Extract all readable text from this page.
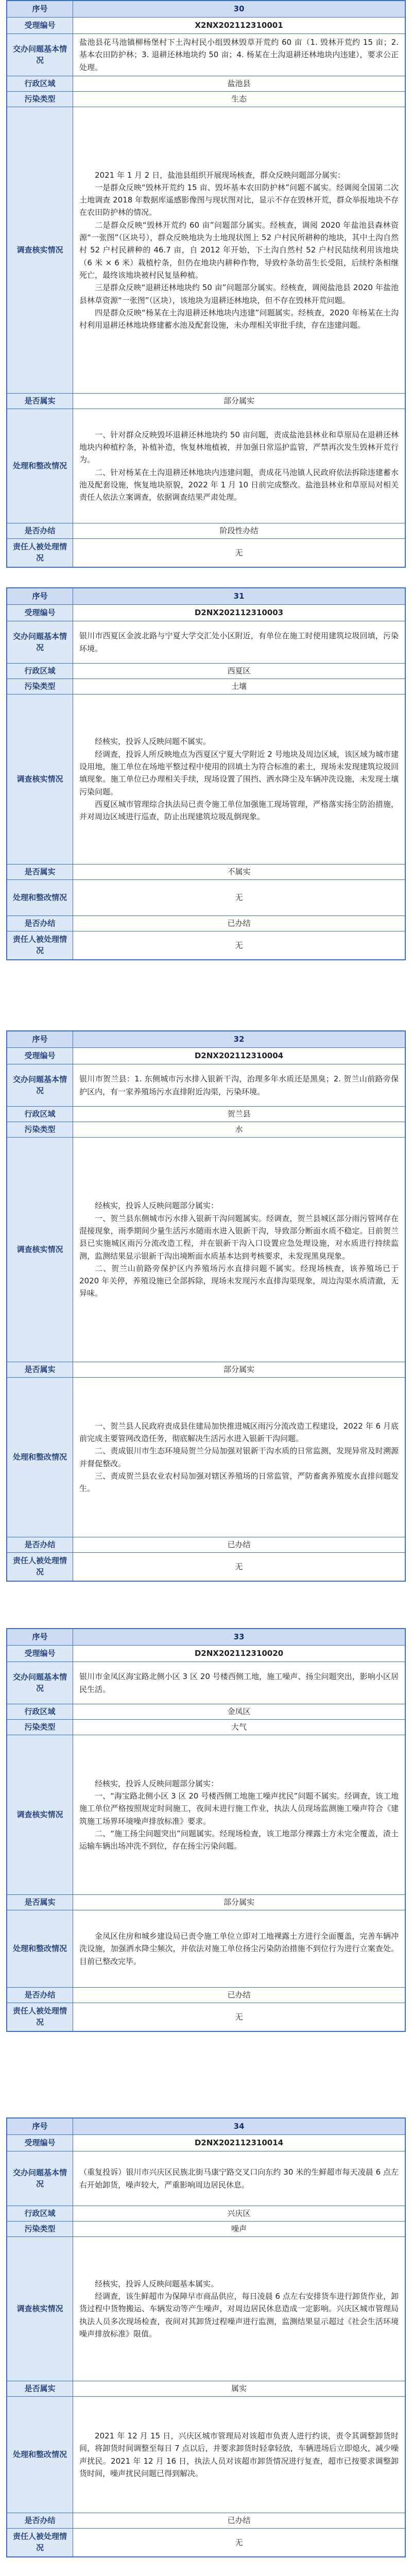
序号	30
受理编号	X2NX202112310001
交办问题基本情况
盐池县花马池镇柳杨堡村下土沟村民小组毁林毁草开荒约 60 亩（1. 毁林开荒约 15 亩；2. 基本农田防护林；3. 退耕还林地块约 50 亩；4. 杨某在土沟退耕还林地块内违建），要求公正处理。
行政区域	盐池县
污染类型	生态
调查核实情况
2021 年 1 月 2 日，盐池县组织开展现场核查，群众反映问题部分属实：
一是群众反映“毁林开荒约 15 亩、毁坏基本农田防护林”问题不属实。经调阅全国第二次土地调查 2018 年数据库遥感影像图与现状图对比，显示不存在毁林开荒，群众举报地块不存在农田防护林的情况。
二是群众反映“毁林开荒约 60 亩”问题部分属实。经核查，调阅 2020 年盐池县森林资源“一张图”（区块号），群众反映地块为土地现状图上 52 户村民所耕种的地块，其中土沟自然村 52 户村民耕种的 46.7 亩，自 2012 年开始，下土沟自然村 52 户村民陆续利用该地块（6 米 × 6 米）栽植柠条，但仍在地块内耕种作物，导致柠条幼苗生长受阻，后续柠条相继死亡，最终该地块被村民复垦种植。
三是群众反映“退耕还林地块约 50 亩”问题部分属实。经核查，调阅盐池县 2020 年盐池县林草资源“一张图”（区块），该地块为退耕还林地块，但不存在毁林开荒问题。
四是群众反映“杨某在土沟退耕还林地块内违建”问题属实。经核查，2020 年杨某在土沟村利用退耕还林地块修建蓄水池及配套设施，未办理相关审批手续，存在违建问题。
是否属实	部分属实
处理和整改情况
一、针对群众反映毁坏退耕还林地块约 50 亩问题，责成盐池县林业和草原局在退耕还林地块内种植柠条，补植补造，恢复林地植被，并加强日常巡护监管，严禁再次发生毁林开荒行为。
二、针对杨某在土沟退耕还林地块内违建问题，责成花马池镇人民政府依法拆除违建蓄水池及配套设施，恢复地块原貌，2022 年 1 月 10 日前完成整改。盐池县林业和草原局对相关责任人依法立案调查，依据调查结果严肃处理。
是否办结	阶段性办结
责任人被处理情况
无
序号	31
受理编号	D2NX202112310003
交办问题基本情况
银川市西夏区金波北路与宁夏大学交汇处小区附近，有单位在施工时使用建筑垃圾回填，污染环境。
行政区域	西夏区
污染类型	土壤
调查核实情况
经核实，投诉人反映问题不属实。
经调查，投诉人所反映地点为西夏区宁夏大学附近 2 号地块及周边区域，该区域为城市建设用地，施工单位在场地平整过程中使用的回填土为符合标准的素土，现场未发现建筑垃圾回填现象。施工单位已办理相关手续，现场设置了围挡、洒水降尘及车辆冲洗设施，未发现土壤污染问题。
西夏区城市管理综合执法局已责令施工单位加强施工现场管理，严格落实扬尘防治措施，并对周边区域进行巡查，防止出现建筑垃圾乱倒现象。
是否属实	不属实
处理和整改情况	无
是否办结	已办结
责任人被处理情况
无
序号	32
受理编号	D2NX202112310004
交办问题基本情况
银川市贺兰县：1. 东侧城市污水排入银新干沟，治理多年水质还是黑臭；2. 贺兰山前路旁保护区内，有一家养殖场污水直排附近沟渠，污染环境。
行政区域	贺兰县
污染类型	水
调查核实情况
经核实，投诉人反映问题部分属实：
一、贺兰县东侧城市污水排入银新干沟问题属实。经调查，贺兰县城区部分雨污管网存在混接现象，雨季期间少量生活污水随雨水进入银新干沟，导致部分断面水质不稳定。目前贺兰县已实施城区雨污分流改造工程，并在银新干沟入口设置应急处理设施，对水质进行持续监测，监测结果显示银新干沟出境断面水质基本达到考核要求，未发现黑臭现象。
二、贺兰山前路旁保护区内养殖场污水直排问题不属实。经现场核查，该养殖场已于 2020 年关停，养殖设施已全部拆除，现场未发现污水直排沟渠现象，周边沟渠水质清澈，无异味。
是否属实	部分属实
处理和整改情况
一、贺兰县人民政府责成县住建局加快推进城区雨污分流改造工程建设，2022 年 6 月底前完成主要管网改造任务，彻底解决生活污水进入银新干沟问题。
二、责成银川市生态环境局贺兰分局加强对银新干沟水质的日常监测，发现异常及时溯源并督促整改。
三、责成贺兰县农业农村局加强对辖区养殖场的日常监管，严防畜禽养殖废水直排问题发生。
是否办结	已办结
责任人被处理情况
无
序号	33
受理编号	D2NX202112310020
交办问题基本情况
银川市金凤区海宝路北侧小区 3 区 20 号楼西侧工地，施工噪声、扬尘问题突出，影响小区居民生活。
行政区域	金凤区
污染类型	大气
调查核实情况
经核实，投诉人反映问题部分属实：
一、“海宝路北侧小区 3 区 20 号楼西侧工地施工噪声扰民”问题不属实。经调查，该工地施工单位严格按照规定时间施工，夜间未进行施工作业，执法人员现场监测施工噪声符合《建筑施工场界环境噪声排放标准》要求。
二、“施工扬尘问题突出”问题属实。经现场检查，该工地部分裸露土方未完全覆盖，渣土运输车辆出场冲洗不到位，存在扬尘污染问题。
是否属实	部分属实
处理和整改情况
金凤区住房和城乡建设局已责令施工单位立即对工地裸露土方进行全面覆盖，完善车辆冲洗设施，加强洒水降尘频次，并依法对施工单位扬尘污染防治措施不到位行为进行立案查处。目前已整改完毕。
是否办结	已办结
责任人被处理情况
无
序号	34
受理编号	D2NX202112310014
交办问题基本情况
（重复投诉）银川市兴庆区民族北街马康宁路交叉口向东约 30 米的生鲜超市每天凌晨 6 点左右开始卸货，噪声较大，严重影响周边居民休息。
行政区域	兴庆区
污染类型	噪声
调查核实情况
经核实，投诉人反映问题基本属实。
经调查，该生鲜超市为保障早市商品供应，每日凌晨 6 点左右安排货车进行卸货作业，卸货过程中货物搬运、车辆发动等产生噪声，对周边居民休息造成一定影响。兴庆区城市管理局执法人员多次现场检查，夜间对其卸货过程噪声进行监测，监测结果显示超过《社会生活环境噪声排放标准》限值。
是否属实	属实
处理和整改情况
2021 年 12 月 15 日，兴庆区城市管理局对该超市负责人进行约谈，责令其调整卸货时间，将卸货时间调整至每日 7 点以后，并要求卸货时轻拿轻放，车辆进场后立即熄火，减少噪声扰民。2021 年 12 月 16 日，执法人员对该超市卸货情况进行复查，超市已按要求调整卸货时间，噪声扰民问题已得到解决。
是否办结	已办结
责任人被处理情况
无
